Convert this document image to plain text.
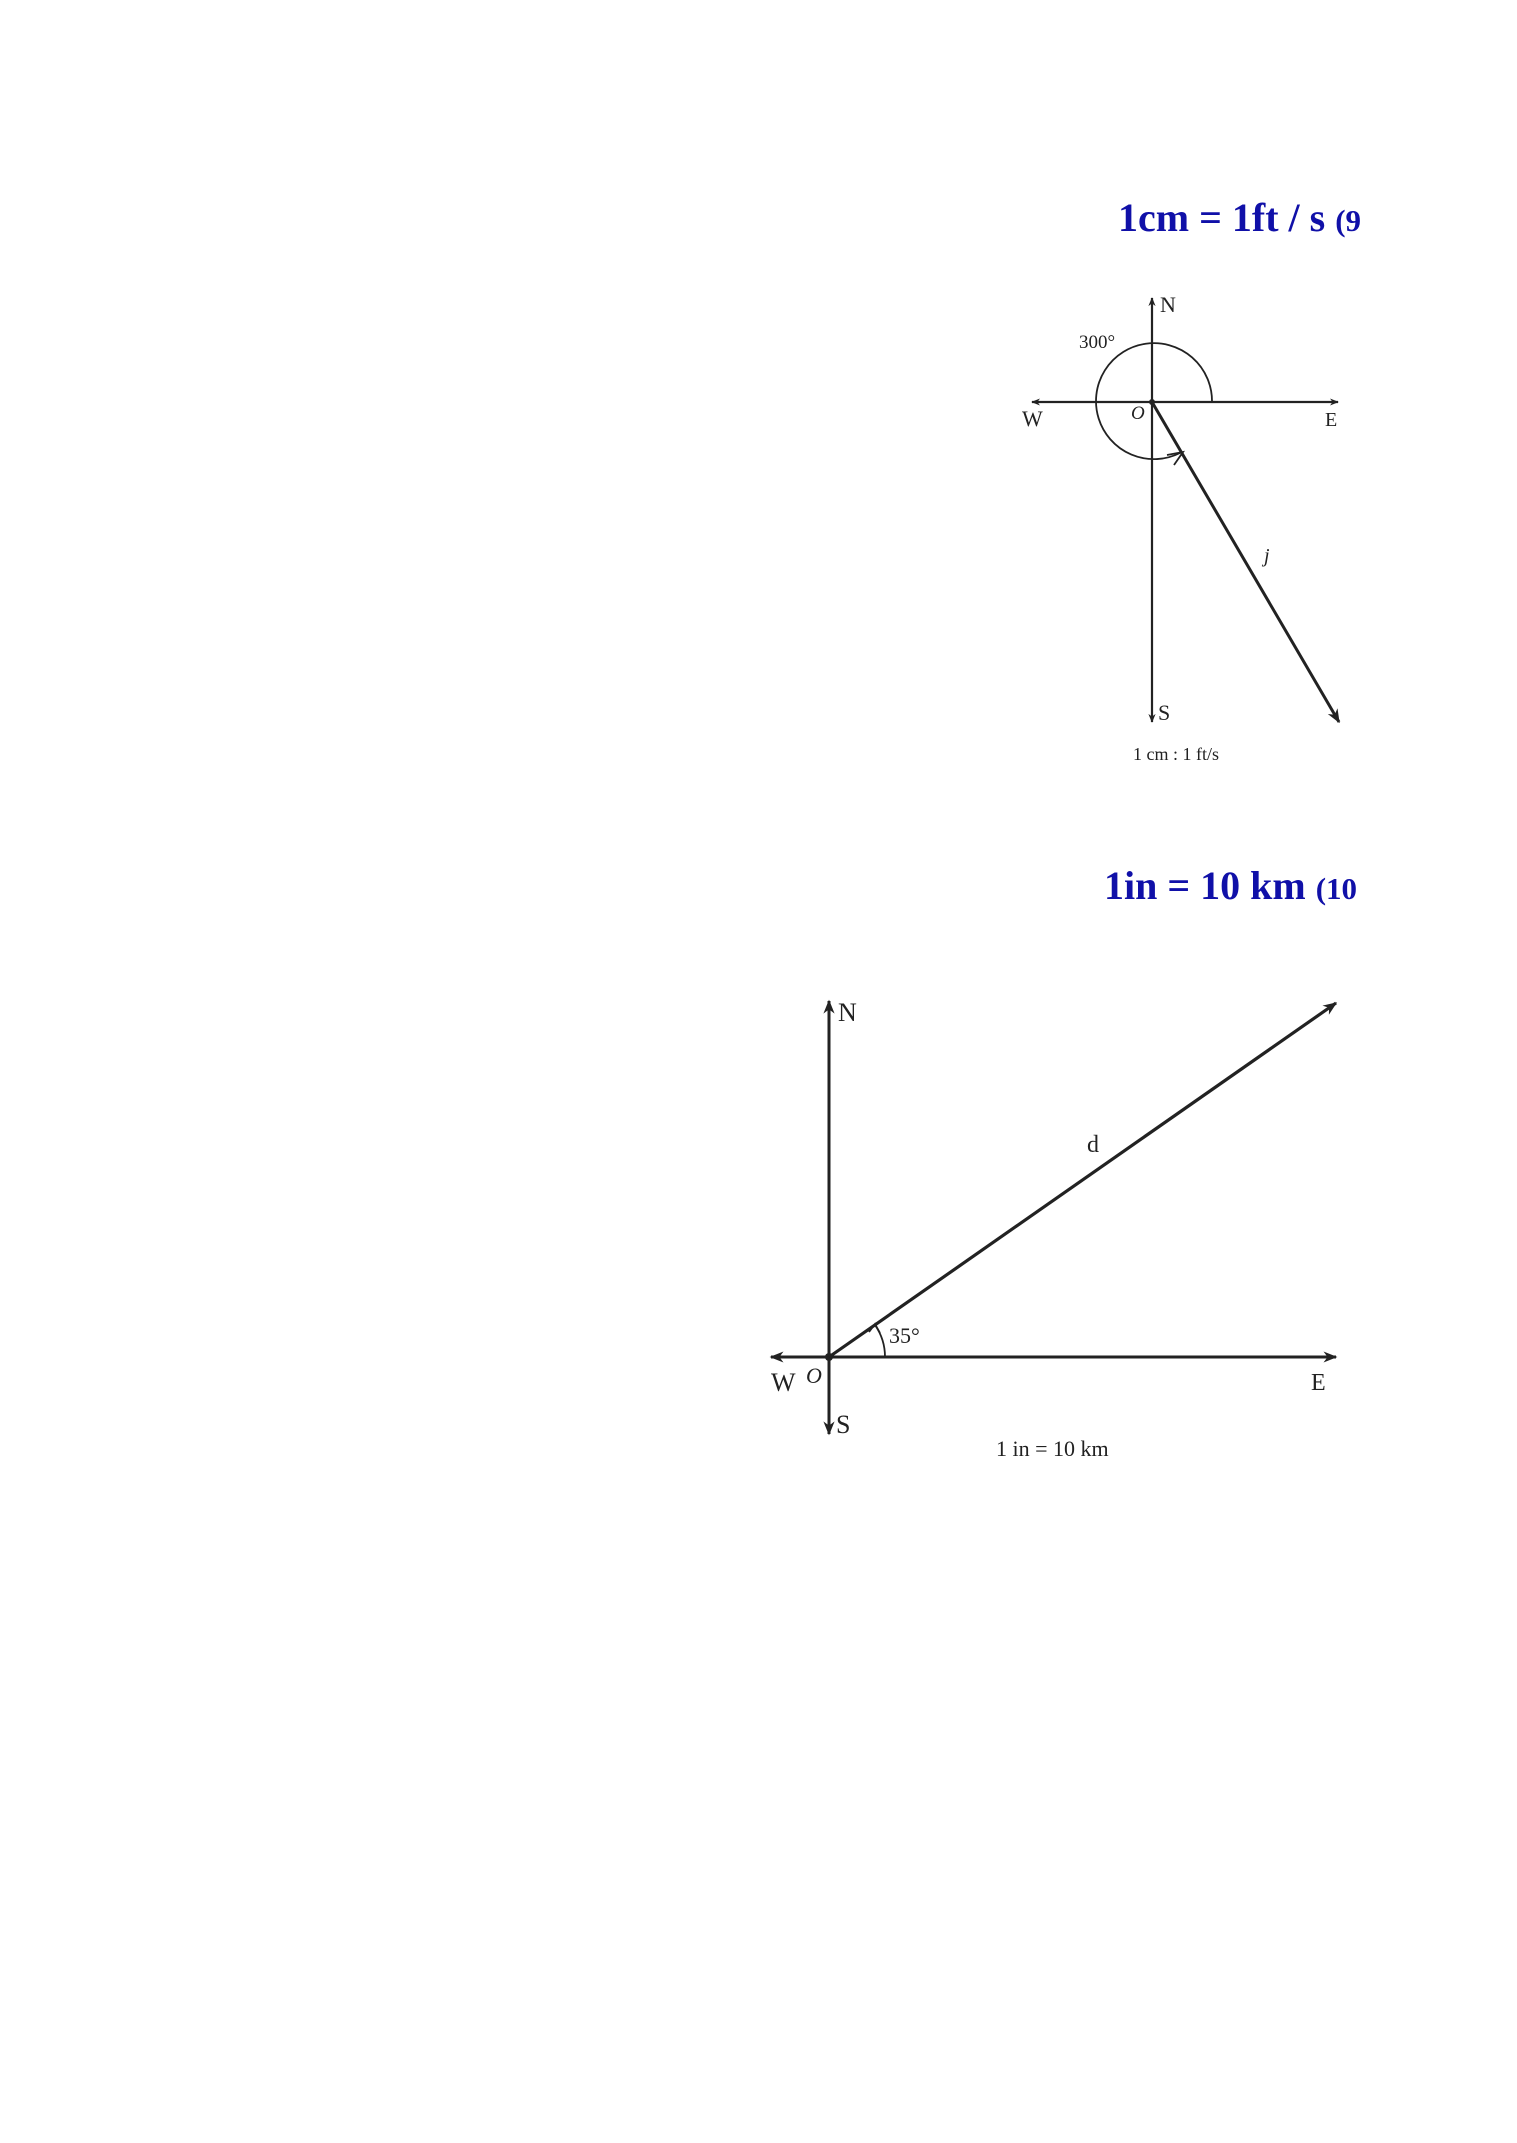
1cm = 1ft / s (9
1in = 10 km (10
N
S
E
W	O
300°
j
1 cm : 1 ft/s
N
S
E
W O
35°
d
1 in = 10 km
